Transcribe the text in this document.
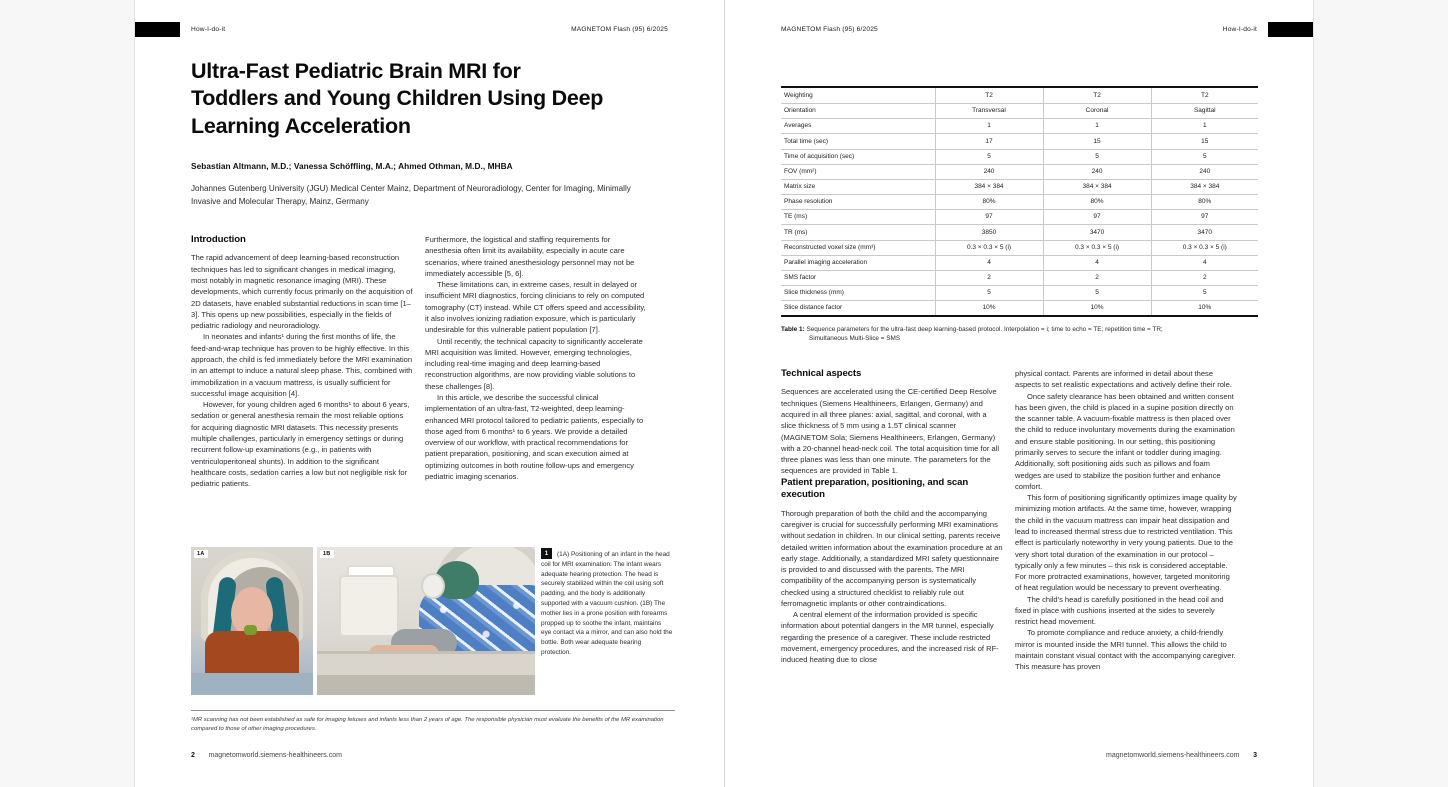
How-I-do-it	MAGNETOM Flash (95) 6/2025
Ultra-Fast Pediatric Brain MRI for Toddlers and Young Children Using Deep Learning Acceleration
Sebastian Altmann, M.D.; Vanessa Schöffling, M.A.; Ahmed Othman, M.D., MHBA
Johannes Gutenberg University (JGU) Medical Center Mainz, Department of Neuroradiology, Center for Imaging, Minimally Invasive and Molecular Therapy, Mainz, Germany
Introduction

The rapid advancement of deep learning-based reconstruction techniques has led to significant changes in medical imaging, most notably in magnetic resonance imaging (MRI). These developments, which currently focus primarily on the acquisition of 2D datasets, have enabled substantial reductions in scan time [1–3]. This opens up new possibilities, especially in the fields of pediatric radiology and neuroradiology.

In neonates and infants¹ during the first months of life, the feed-and-wrap technique has proven to be highly effective. In this approach, the child is fed immediately before the MRI examination in an attempt to induce a natural sleep phase. This, combined with immobilization in a vacuum mattress, is usually sufficient for successful image acquisition [4].

However, for young children aged 6 months¹ to about 6 years, sedation or general anesthesia remain the most reliable options for acquiring diagnostic MRI datasets. This necessity presents multiple challenges, particularly in emergency settings or during recurrent follow-up examinations (e.g., in patients with ventriculoperitoneal shunts). In addition to the significant healthcare costs, sedation carries a low but not negligible risk for pediatric patients.

Furthermore, the logistical and staffing requirements for anesthesia often limit its availability, especially in acute care scenarios, where trained anesthesiology personnel may not be immediately accessible [5, 6].

These limitations can, in extreme cases, result in delayed or insufficient MRI diagnostics, forcing clinicians to rely on computed tomography (CT) instead. While CT offers speed and accessibility, it also involves ionizing radiation exposure, which is particularly undesirable for this vulnerable patient population [7].

Until recently, the technical capacity to significantly accelerate MRI acquisition was limited. However, emerging technologies, including real-time imaging and deep learning-based reconstruction algorithms, are now providing viable solutions to these challenges [8].

In this article, we describe the successful clinical implementation of an ultra-fast, T2-weighted, deep learning-enhanced MRI protocol tailored to pediatric patients, especially to those aged from 6 months¹ to 6 years. We provide a detailed overview of our workflow, with practical recommendations for patient preparation, positioning, and scan execution aimed at optimizing outcomes in both routine follow-ups and emergency pediatric imaging scenarios.

1A	1B	1 (1A) Positioning of an infant in the head coil for MRI examination: The infant wears adequate hearing protection. The head is securely stabilized within the coil using soft padding, and the body is additionally supported with a vacuum cushion. (1B) The mother lies in a prone position with forearms propped up to soothe the infant, maintains eye contact via a mirror, and can also hold the bottle. Both wear adequate hearing protection.
¹MR scanning has not been established as safe for imaging fetuses and infants less than 2 years of age. The responsible physician must evaluate the benefits of the MR examination compared to those of other imaging procedures.
2 magnetomworld.siemens-healthineers.com
MAGNETOM Flash (95) 6/2025	How-I-do-it
Weighting	T2	T2	T2
Orientation	Transversal	Coronal	Sagittal
Averages	1	1	1
Total time (sec)	17	15	15
Time of acquisition (sec)	5	5	5
FOV (mm²)	240	240	240
Matrix size	384 × 384	384 × 384	384 × 384
Phase resolution	80%	80%	80%
TE (ms)	97	97	97
TR (ms)	3850	3470	3470
Reconstructed voxel size (mm³)	0.3 × 0.3 × 5 (i)	0.3 × 0.3 × 5 (i)	0.3 × 0.3 × 5 (i)
Parallel imaging acceleration	4	4	4
SMS factor	2	2	2
Slice thickness (mm)	5	5	5
Slice distance factor	10%	10%	10%
Table 1: Sequence parameters for the ultra-fast deep learning-based protocol. Interpolation = i; time to echo = TE; repetition time = TR;
Simultaneous Multi-Slice = SMS
Technical aspects

Sequences are accelerated using the CE-certified Deep Resolve techniques (Siemens Healthineers, Erlangen, Germany) and acquired in all three planes: axial, sagittal, and coronal, with a slice thickness of 5 mm using a 1.5T clinical scanner (MAGNETOM Sola; Siemens Healthineers, Erlangen, Germany) with a 20-channel head-neck coil. The total acquisition time for all three planes was less than one minute. The parameters for the sequences are provided in Table 1.

Patient preparation, positioning, and scan execution

Thorough preparation of both the child and the accompanying caregiver is crucial for successfully performing MRI examinations without sedation in children. In our clinical setting, parents receive detailed written information about the examination procedure at an early stage. Additionally, a standardized MRI safety questionnaire is provided to and discussed with the parents. The MRI compatibility of the accompanying person is systematically checked using a structured checklist to reliably rule out ferromagnetic implants or other contraindications.

A central element of the information provided is specific information about potential dangers in the MR tunnel, especially regarding the presence of a caregiver. These include restricted movement, emergency procedures, and the increased risk of RF-induced heating due to close

physical contact. Parents are informed in detail about these aspects to set realistic expectations and actively define their role.

Once safety clearance has been obtained and written consent has been given, the child is placed in a supine position directly on the scanner table. A vacuum-fixable mattress is then placed over the child to reduce involuntary movements during the examination and ensure stable positioning. In our setting, this positioning primarily serves to secure the infant or toddler during imaging. Additionally, soft positioning aids such as pillows and foam wedges are used to stabilize the position further and enhance comfort.

This form of positioning significantly optimizes image quality by minimizing motion artifacts. At the same time, however, wrapping the child in the vacuum mattress can impair heat dissipation and lead to increased thermal stress due to restricted ventilation. This effect is particularly noteworthy in very young patients. Due to the very short total duration of the examination in our protocol – typically only a few minutes – this risk is considered acceptable. For more protracted examinations, however, targeted monitoring of heat regulation would be necessary to prevent overheating.

The child's head is carefully positioned in the head coil and fixed in place with cushions inserted at the sides to severely restrict head movement.

To promote compliance and reduce anxiety, a child-friendly mirror is mounted inside the MRI tunnel. This allows the child to maintain constant visual contact with the accompanying caregiver. This measure has proven

magnetomworld.siemens-healthineers.com 3
